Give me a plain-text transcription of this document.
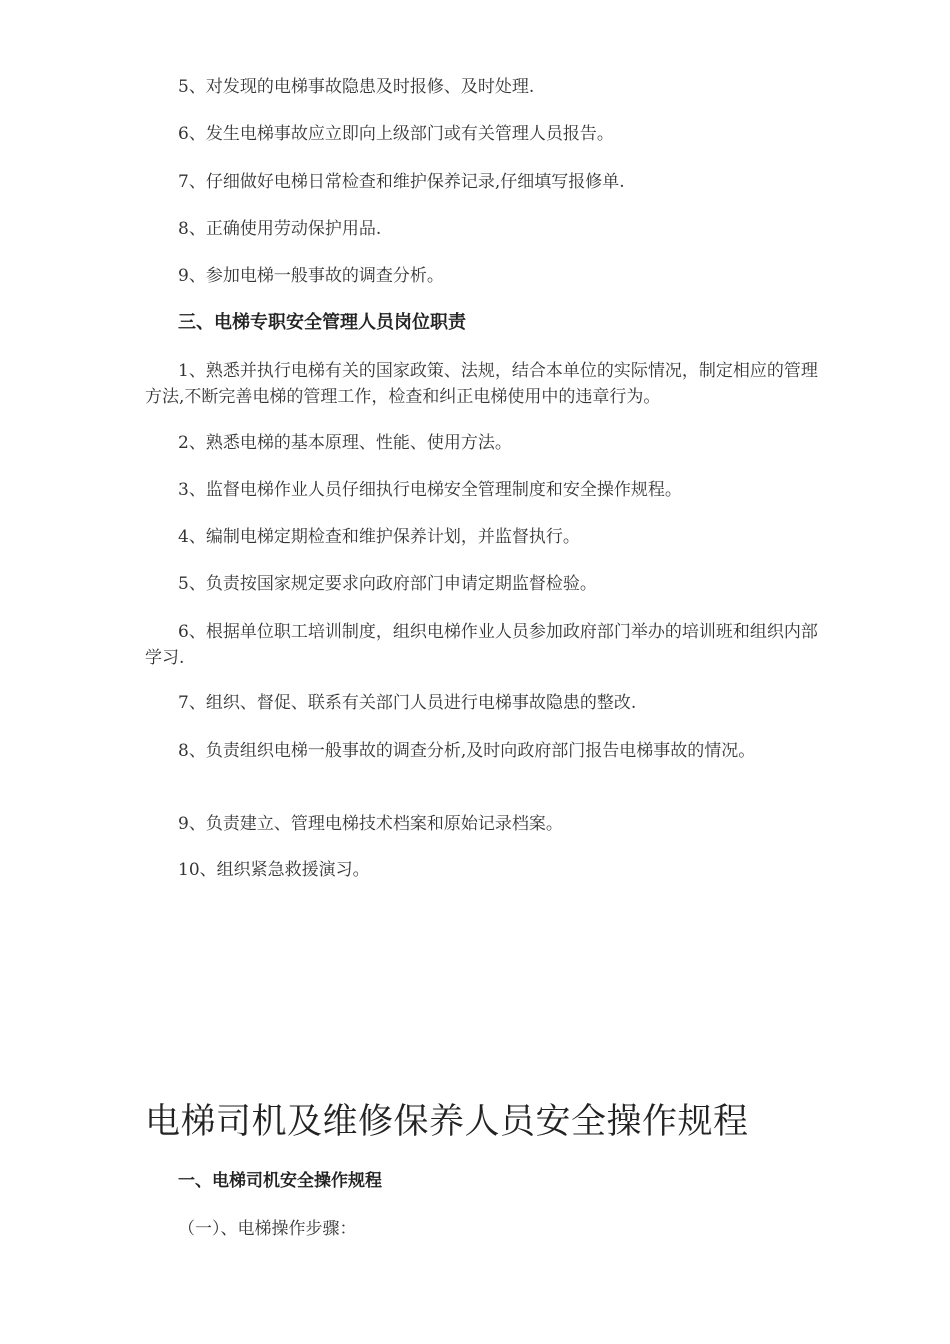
5、对发现的电梯事故隐患及时报修、及时处理.

6、发生电梯事故应立即向上级部门或有关管理人员报告。

7、仔细做好电梯日常检查和维护保养记录,仔细填写报修单.

8、正确使用劳动保护用品.

9、参加电梯一般事故的调查分析。

三、电梯专职安全管理人员岗位职责

1、熟悉并执行电梯有关的国家政策、法规，结合本单位的实际情况，制定相应的管理方法,不断完善电梯的管理工作，检查和纠正电梯使用中的违章行为。

2、熟悉电梯的基本原理、性能、使用方法。

3、监督电梯作业人员仔细执行电梯安全管理制度和安全操作规程。

4、编制电梯定期检查和维护保养计划，并监督执行。

5、负责按国家规定要求向政府部门申请定期监督检验。

6、根据单位职工培训制度，组织电梯作业人员参加政府部门举办的培训班和组织内部学习.

7、组织、督促、联系有关部门人员进行电梯事故隐患的整改.

8、负责组织电梯一般事故的调查分析,及时向政府部门报告电梯事故的情况。

9、负责建立、管理电梯技术档案和原始记录档案。

10、组织紧急救援演习。

电梯司机及维修保养人员安全操作规程
一、电梯司机安全操作规程

（一）、电梯操作步骤：
